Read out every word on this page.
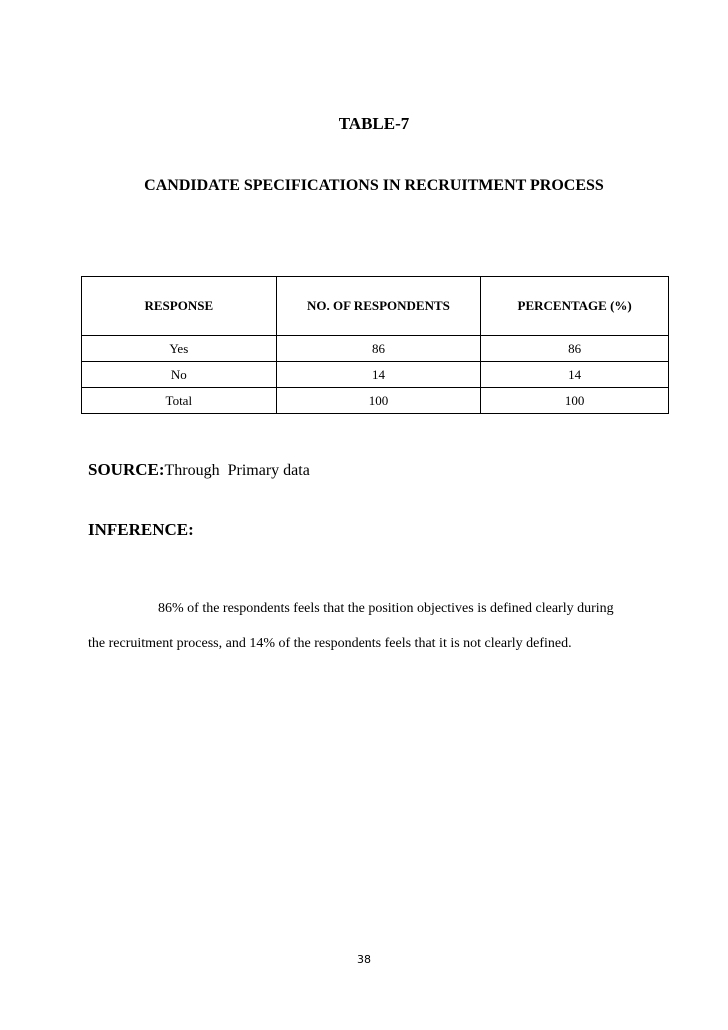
TABLE-7
CANDIDATE SPECIFICATIONS IN RECRUITMENT PROCESS
RESPONSE	NO. OF RESPONDENTS	PERCENTAGE (%)
Yes	86	86
No	14	14
Total	100	100
SOURCE:Through  Primary data
INFERENCE:
86% of the respondents feels that the position objectives is defined clearly during
the recruitment process, and 14% of the respondents feels that it is not clearly defined.
38
